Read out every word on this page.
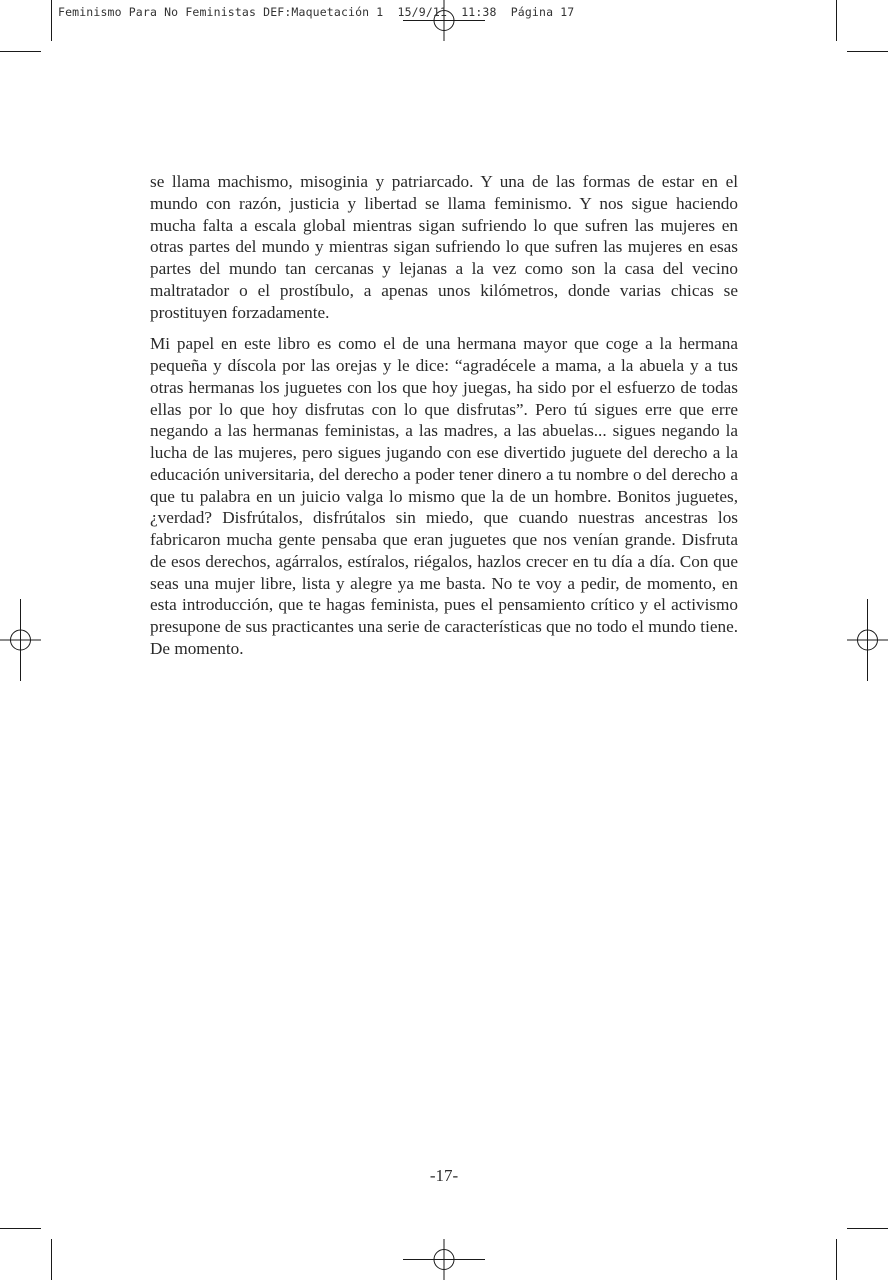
Feminismo Para No Feministas DEF:Maquetación 1  15/9/11  11:38  Página 17

se llama machismo, misoginia y patriarcado. Y una de las formas de estar en el mundo con razón, justicia y libertad se llama feminismo. Y nos sigue haciendo mucha falta a escala global mientras sigan sufriendo lo que sufren las mujeres en otras partes del mundo y mientras sigan sufriendo lo que sufren las mujeres en esas partes del mundo tan cercanas y lejanas a la vez como son la casa del vecino maltratador o el prostíbulo, a apenas unos kilómetros, donde varias chicas se prostituyen forzadamente.

Mi papel en este libro es como el de una hermana mayor que coge a la hermana pequeña y díscola por las orejas y le dice: “agradécele a mama, a la abuela y a tus otras hermanas los juguetes con los que hoy juegas, ha sido por el esfuerzo de todas ellas por lo que hoy disfrutas con lo que disfrutas”. Pero tú sigues erre que erre negando a las hermanas feministas, a las madres, a las abuelas... sigues negando la lucha de las mujeres, pero sigues jugando con ese divertido juguete del derecho a la educación universitaria, del derecho a poder tener dinero a tu nombre o del derecho a que tu palabra en un juicio valga lo mismo que la de un hombre. Bonitos juguetes, ¿verdad? Disfrútalos, disfrútalos sin miedo, que cuando nuestras ancestras los fabricaron mucha gente pensaba que eran juguetes que nos venían grande. Disfruta de esos derechos, agárralos, estíralos, riégalos, hazlos crecer en tu día a día. Con que seas una mujer libre, lista y alegre ya me basta. No te voy a pedir, de momento, en esta introducción, que te hagas feminista, pues el pensamiento crítico y el activismo presupone de sus practicantes una serie de características que no todo el mundo tiene. De momento.

-17-
